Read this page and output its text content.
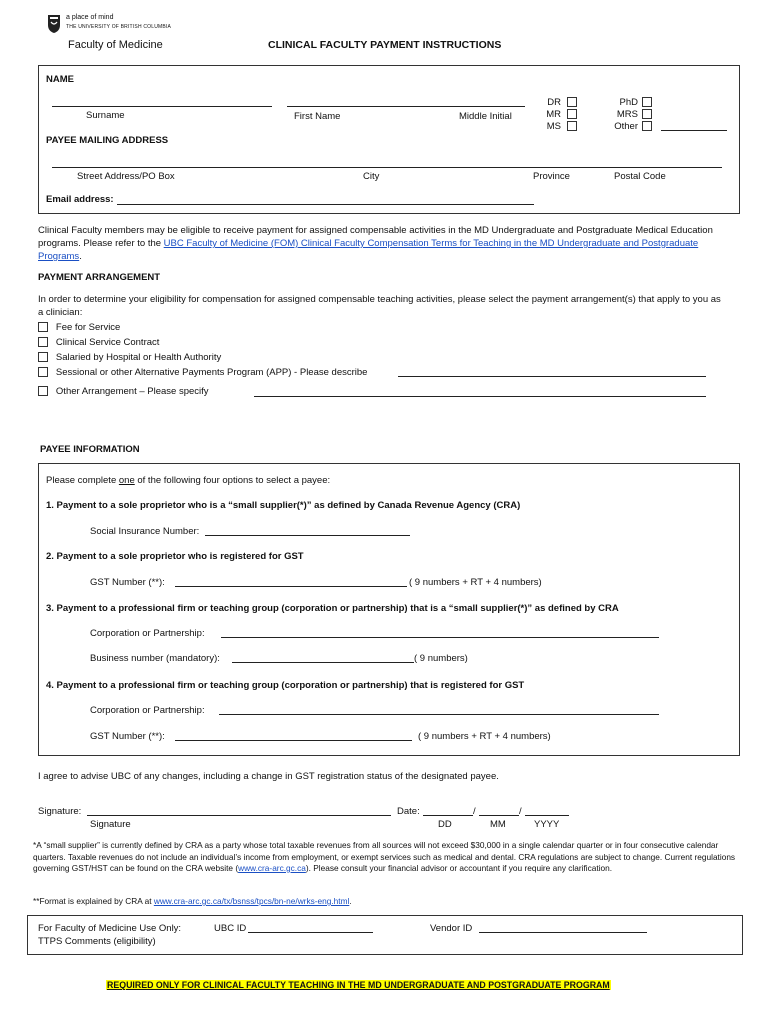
a place of mind
THE UNIVERSITY OF BRITISH COLUMBIA
Faculty of Medicine	CLINICAL FACULTY PAYMENT INSTRUCTIONS
NAME
Surname	First Name	Middle Initial
DR
MR
MS
PhD
MRS
Other
PAYEE MAILING ADDRESS
Street Address/PO Box	City	Province	Postal Code
Email address:
Clinical Faculty members may be eligible to receive payment for assigned compensable activities in the MD Undergraduate and Postgraduate Medical Education programs. Please refer to the UBC Faculty of Medicine (FOM) Clinical Faculty Compensation Terms for Teaching in the MD Undergraduate and Postgraduate Programs.
PAYMENT ARRANGEMENT
In order to determine your eligibility for compensation for assigned compensable teaching activities, please select the payment arrangement(s) that apply to you as a clinician:
Fee for Service
Clinical Service Contract
Salaried by Hospital or Health Authority
Sessional or other Alternative Payments Program (APP) - Please describe
Other Arrangement – Please specify
PAYEE INFORMATION
Please complete one of the following four options to select a payee:
1. Payment to a sole proprietor who is a “small supplier(*)” as defined by Canada Revenue Agency (CRA)
Social Insurance Number:
2. Payment to a sole proprietor who is registered for GST
GST Number (**):	( 9 numbers + RT + 4 numbers)
3. Payment to a professional firm or teaching group (corporation or partnership) that is a “small supplier(*)” as defined by CRA
Corporation or Partnership:
Business number (mandatory):	( 9 numbers)
4. Payment to a professional firm or teaching group (corporation or partnership) that is registered for GST
Corporation or Partnership:
GST Number (**):	( 9 numbers + RT + 4 numbers)
I agree to advise UBC of any changes, including a change in GST registration status of the designated payee.
Signature:
Signature
Date:	/	/
DD	MM	YYYY
*A “small supplier” is currently defined by CRA as a party whose total taxable revenues from all sources will not exceed $30,000 in a single calendar quarter or in four consecutive calendar quarters. Taxable revenues do not include an individual’s income from employment, or exempt services such as medical and dental. CRA regulations are subject to change. Current regulations governing GST/HST can be found on the CRA website (www.cra-arc.gc.ca). Please consult your financial advisor or accountant if you require any clarification.
**Format is explained by CRA at www.cra-arc.gc.ca/tx/bsnss/tpcs/bn-ne/wrks-eng.html.
For Faculty of Medicine Use Only:
TTPS Comments (eligibility)
UBC ID	Vendor ID
REQUIRED ONLY FOR CLINICAL FACULTY TEACHING IN THE MD UNDERGRADUATE AND POSTGRADUATE PROGRAM
